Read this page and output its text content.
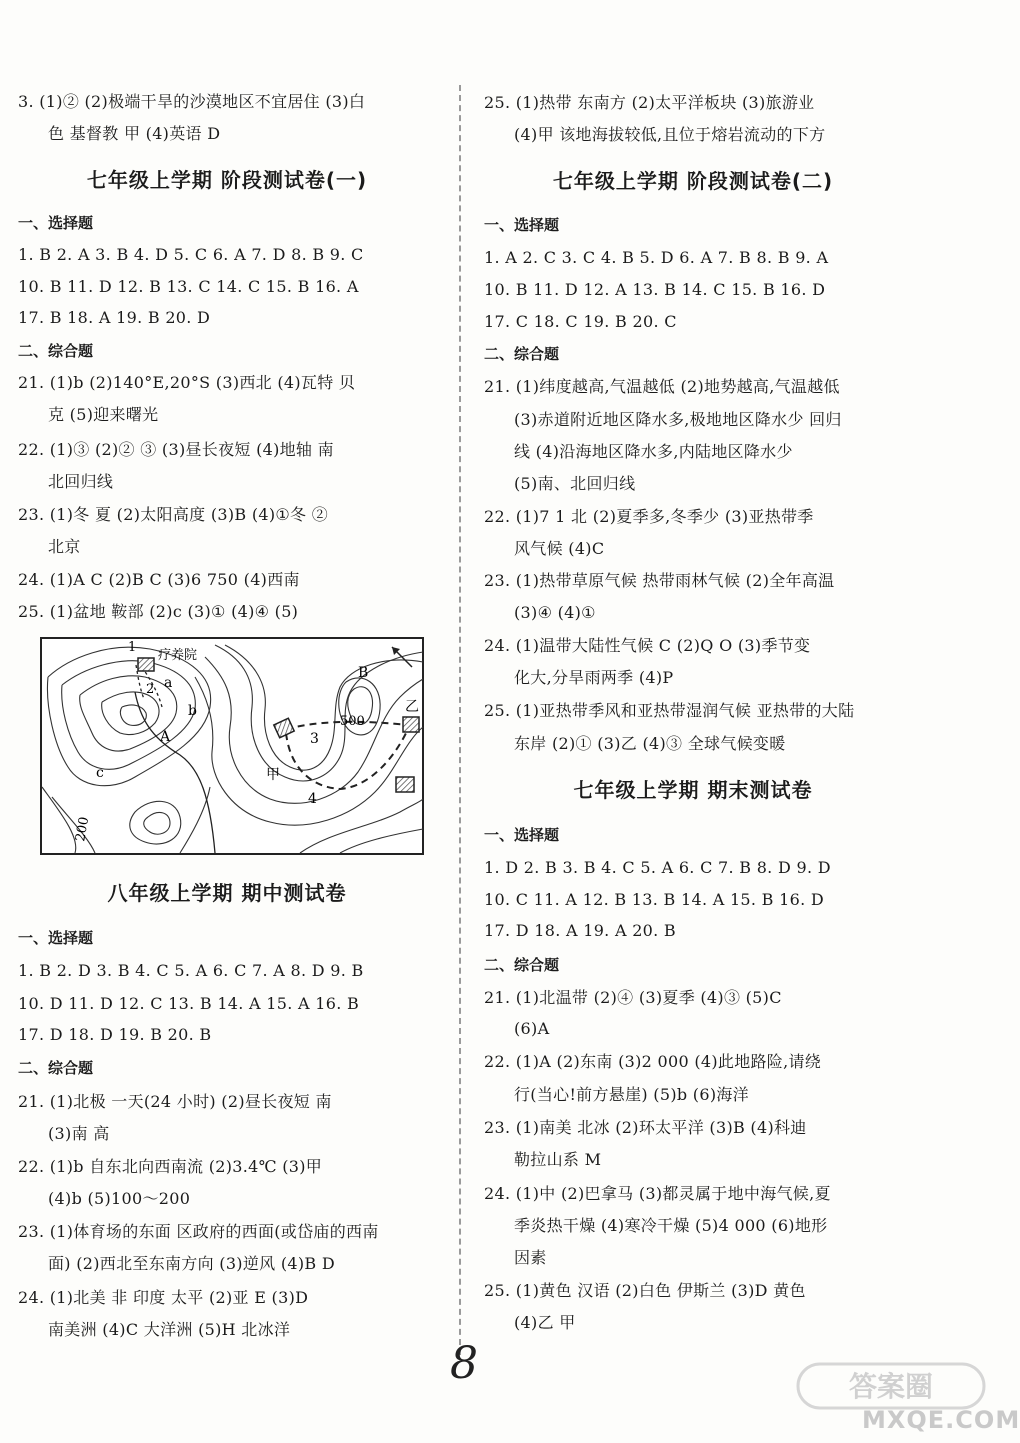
3. (1)② (2)极端干旱的沙漠地区不宜居住 (3)白
色 基督教 甲 (4)英语 D
七年级上学期 阶段测试卷(一)
一、选择题
1. B 2. A 3. B 4. D 5. C 6. A 7. D 8. B 9. C
10. B 11. D 12. B 13. C 14. C 15. B 16. A
17. B 18. A 19. B 20. D
二、综合题
21. (1)b (2)140°E,20°S (3)西北 (4)瓦特 贝
克 (5)迎来曙光
22. (1)③ (2)② ③ (3)昼长夜短 (4)地轴 南
北回归线
23. (1)冬 夏 (2)太阳高度 (3)B (4)①冬 ②
北京
24. (1)A C (2)B C (3)6 750 (4)西南
25. (1)盆地 鞍部 (2)c (3)① (4)④ (5)
八年级上学期 期中测试卷
一、选择题
1. B 2. D 3. B 4. C 5. A 6. C 7. A 8. D 9. B
10. D 11. D 12. C 13. B 14. A 15. A 16. B
17. D 18. D 19. B 20. B
二、综合题
21. (1)北极 一天(24 小时) (2)昼长夜短 南
(3)南 高
22. (1)b 自东北向西南流 (2)3.4℃ (3)甲
(4)b (5)100～200
23. (1)体育场的东面 区政府的西面(或岱庙的西南
面) (2)西北至东南方向 (3)逆风 (4)B D
24. (1)北美 非 印度 太平 (2)亚 E (3)D
南美洲 (4)C 大洋洲 (5)H 北冰洋
1
疗养院
2 a
b
A
c
B
500
3
4
甲
乙
200
25. (1)热带 东南方 (2)太平洋板块 (3)旅游业
(4)甲 该地海拔较低,且位于熔岩流动的下方
七年级上学期 阶段测试卷(二)
一、选择题
1. A 2. C 3. C 4. B 5. D 6. A 7. B 8. B 9. A
10. B 11. D 12. A 13. B 14. C 15. B 16. D
17. C 18. C 19. B 20. C
二、综合题
21. (1)纬度越高,气温越低 (2)地势越高,气温越低
(3)赤道附近地区降水多,极地地区降水少 回归
线 (4)沿海地区降水多,内陆地区降水少
(5)南、北回归线
22. (1)7 1 北 (2)夏季多,冬季少 (3)亚热带季
风气候 (4)C
23. (1)热带草原气候 热带雨林气候 (2)全年高温
(3)④ (4)①
24. (1)温带大陆性气候 C (2)Q O (3)季节变
化大,分旱雨两季 (4)P
25. (1)亚热带季风和亚热带湿润气候 亚热带的大陆
东岸 (2)① (3)乙 (4)③ 全球气候变暖
七年级上学期 期末测试卷
一、选择题
1. D 2. B 3. B 4. C 5. A 6. C 7. B 8. D 9. D
10. C 11. A 12. B 13. B 14. A 15. B 16. D
17. D 18. A 19. A 20. B
二、综合题
21. (1)北温带 (2)④ (3)夏季 (4)③ (5)C
(6)A
22. (1)A (2)东南 (3)2 000 (4)此地路险,请绕
行(当心!前方悬崖) (5)b (6)海洋
23. (1)南美 北冰 (2)环太平洋 (3)B (4)科迪
勒拉山系 M
24. (1)中 (2)巴拿马 (3)都灵属于地中海气候,夏
季炎热干燥 (4)寒冷干燥 (5)4 000 (6)地形
因素
25. (1)黄色 汉语 (2)白色 伊斯兰 (3)D 黄色
(4)乙 甲
8	答案圈
MXQE.COM
